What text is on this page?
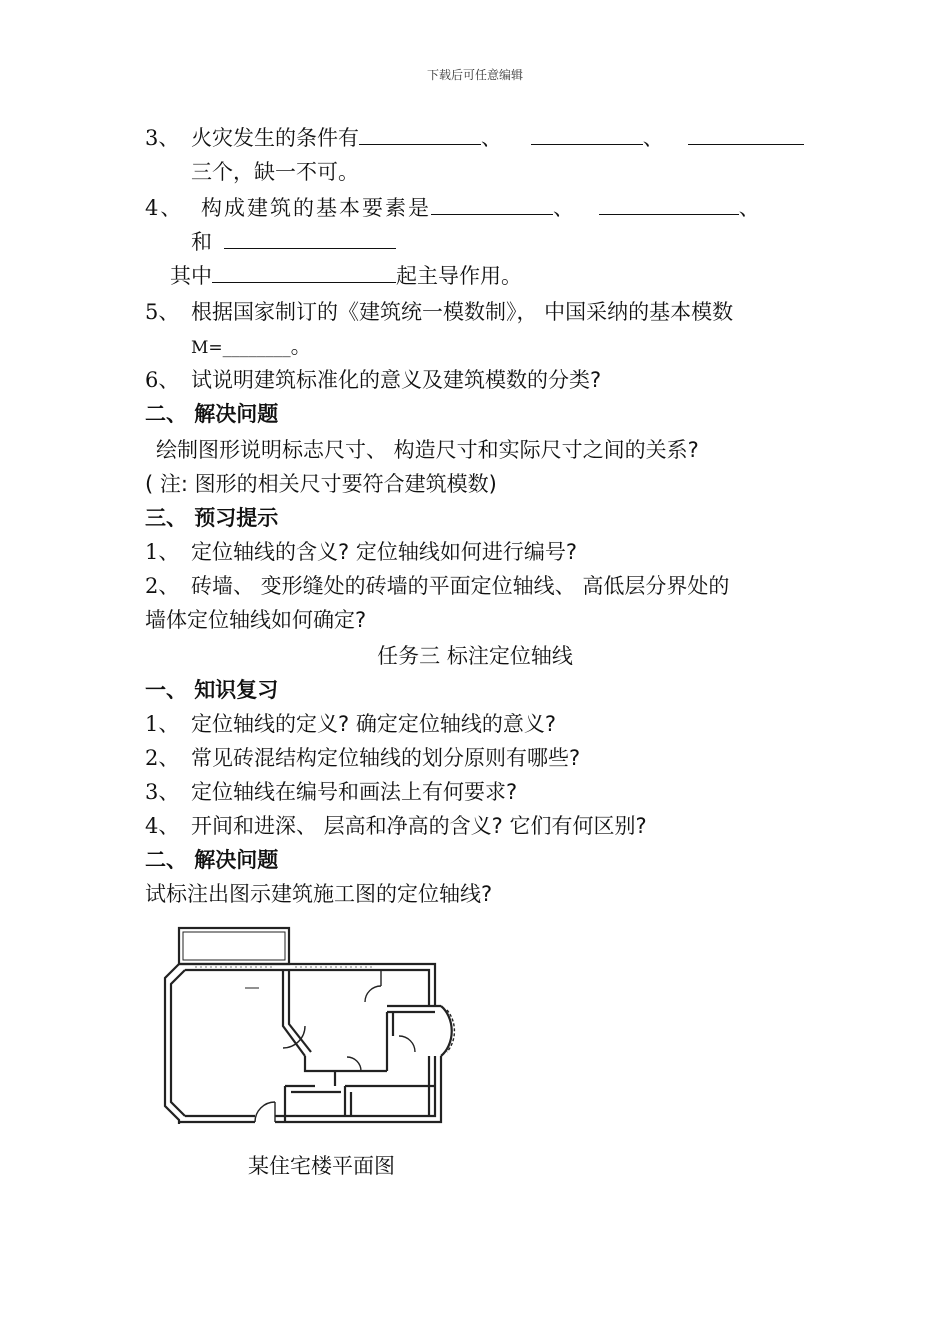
下载后可任意编辑
3、 火灾发生的条件有	、	、
三个，缺一不可。
4、 构成建筑的基本要素是	、	、
和
其中	起主导作用。
5、 根据国家制订的《建筑统一模数制》， 中国采纳的基本模数
M=________。
6、 试说明建筑标准化的意义及建筑模数的分类?
二、 解决问题
绘制图形说明标志尺寸、 构造尺寸和实际尺寸之间的关系?
( 注: 图形的相关尺寸要符合建筑模数)
三、 预习提示
1、 定位轴线的含义? 定位轴线如何进行编号?
2、 砖墙、 变形缝处的砖墙的平面定位轴线、 高低层分界处的
墙体定位轴线如何确定?
任务三 标注定位轴线
一、 知识复习
1、 定位轴线的定义? 确定定位轴线的意义?
2、 常见砖混结构定位轴线的划分原则有哪些?
3、 定位轴线在编号和画法上有何要求?
4、 开间和进深、 层高和净高的含义? 它们有何区别?
二、 解决问题
试标注出图示建筑施工图的定位轴线?
某住宅楼平面图
